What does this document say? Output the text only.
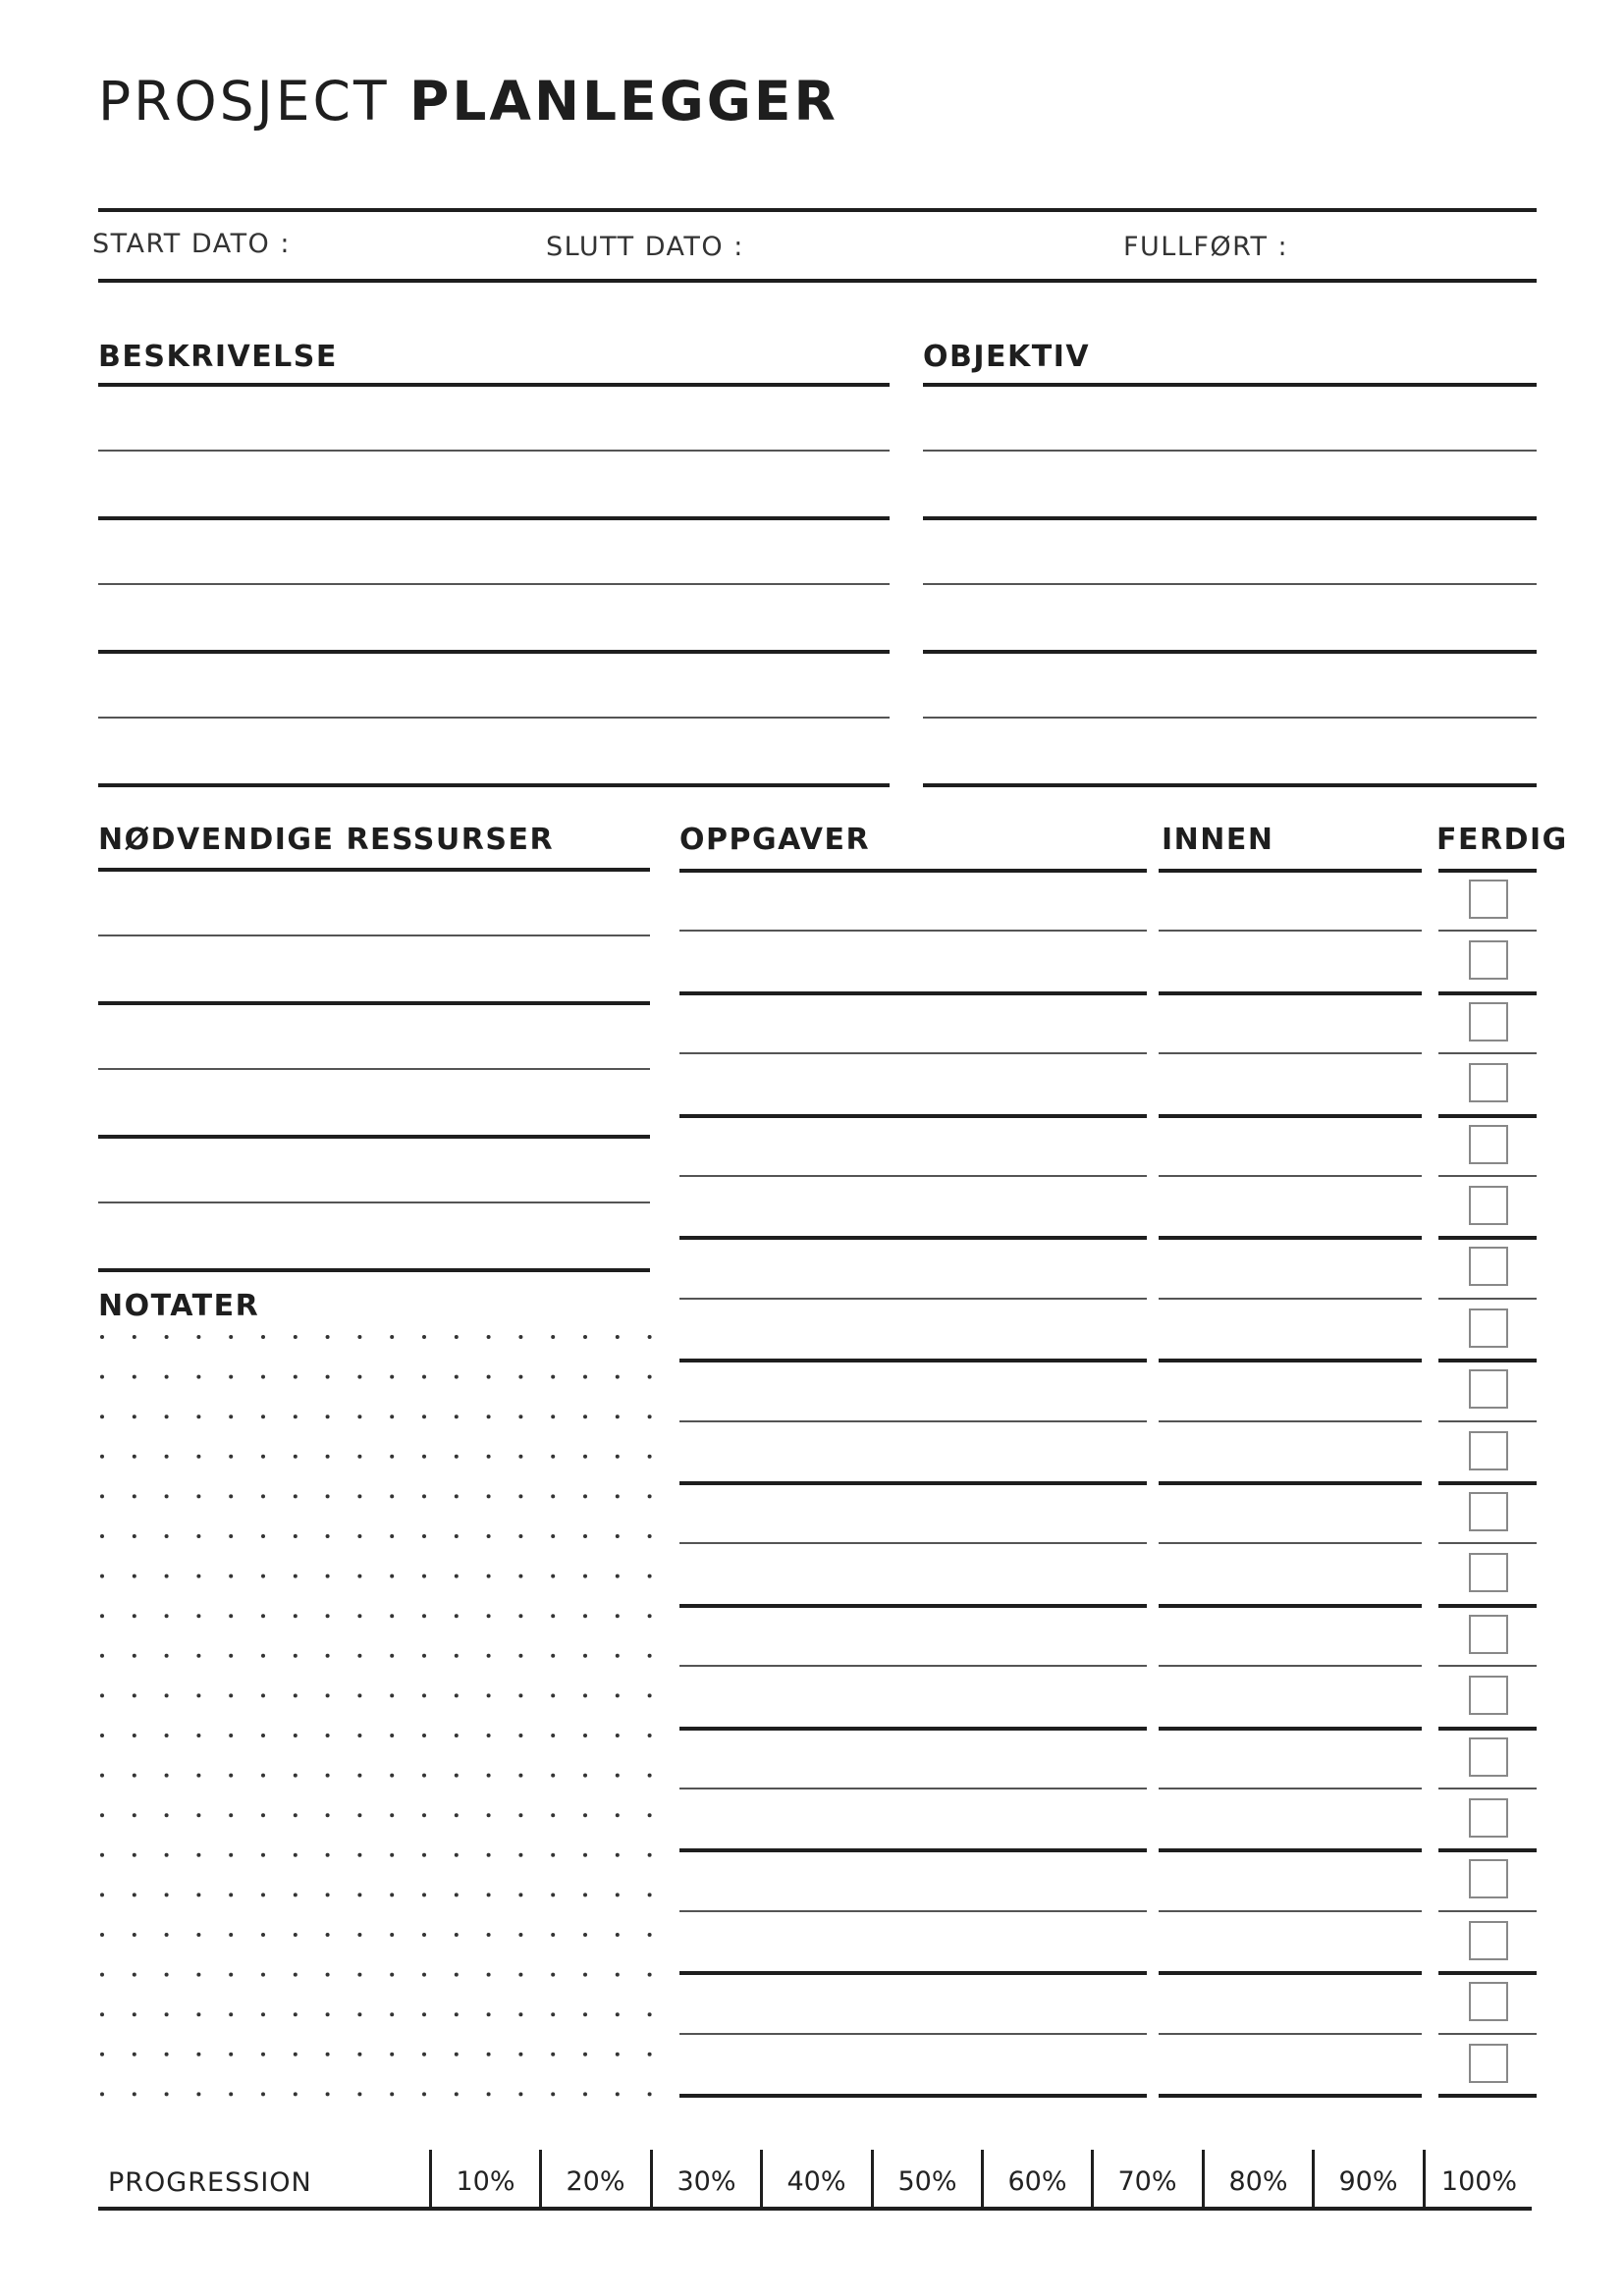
PROSJECT PLANLEGGER
START DATO :	SLUTT DATO :	FULLFØRT :
BESKRIVELSE	OBJEKTIV
NØDVENDIGE RESSURSER	OPPGAVER	INNEN	FERDIG
NOTATER
PROGRESSION	10%	20%	30%	40%	50%	60%	70%	80%	90%	100%
